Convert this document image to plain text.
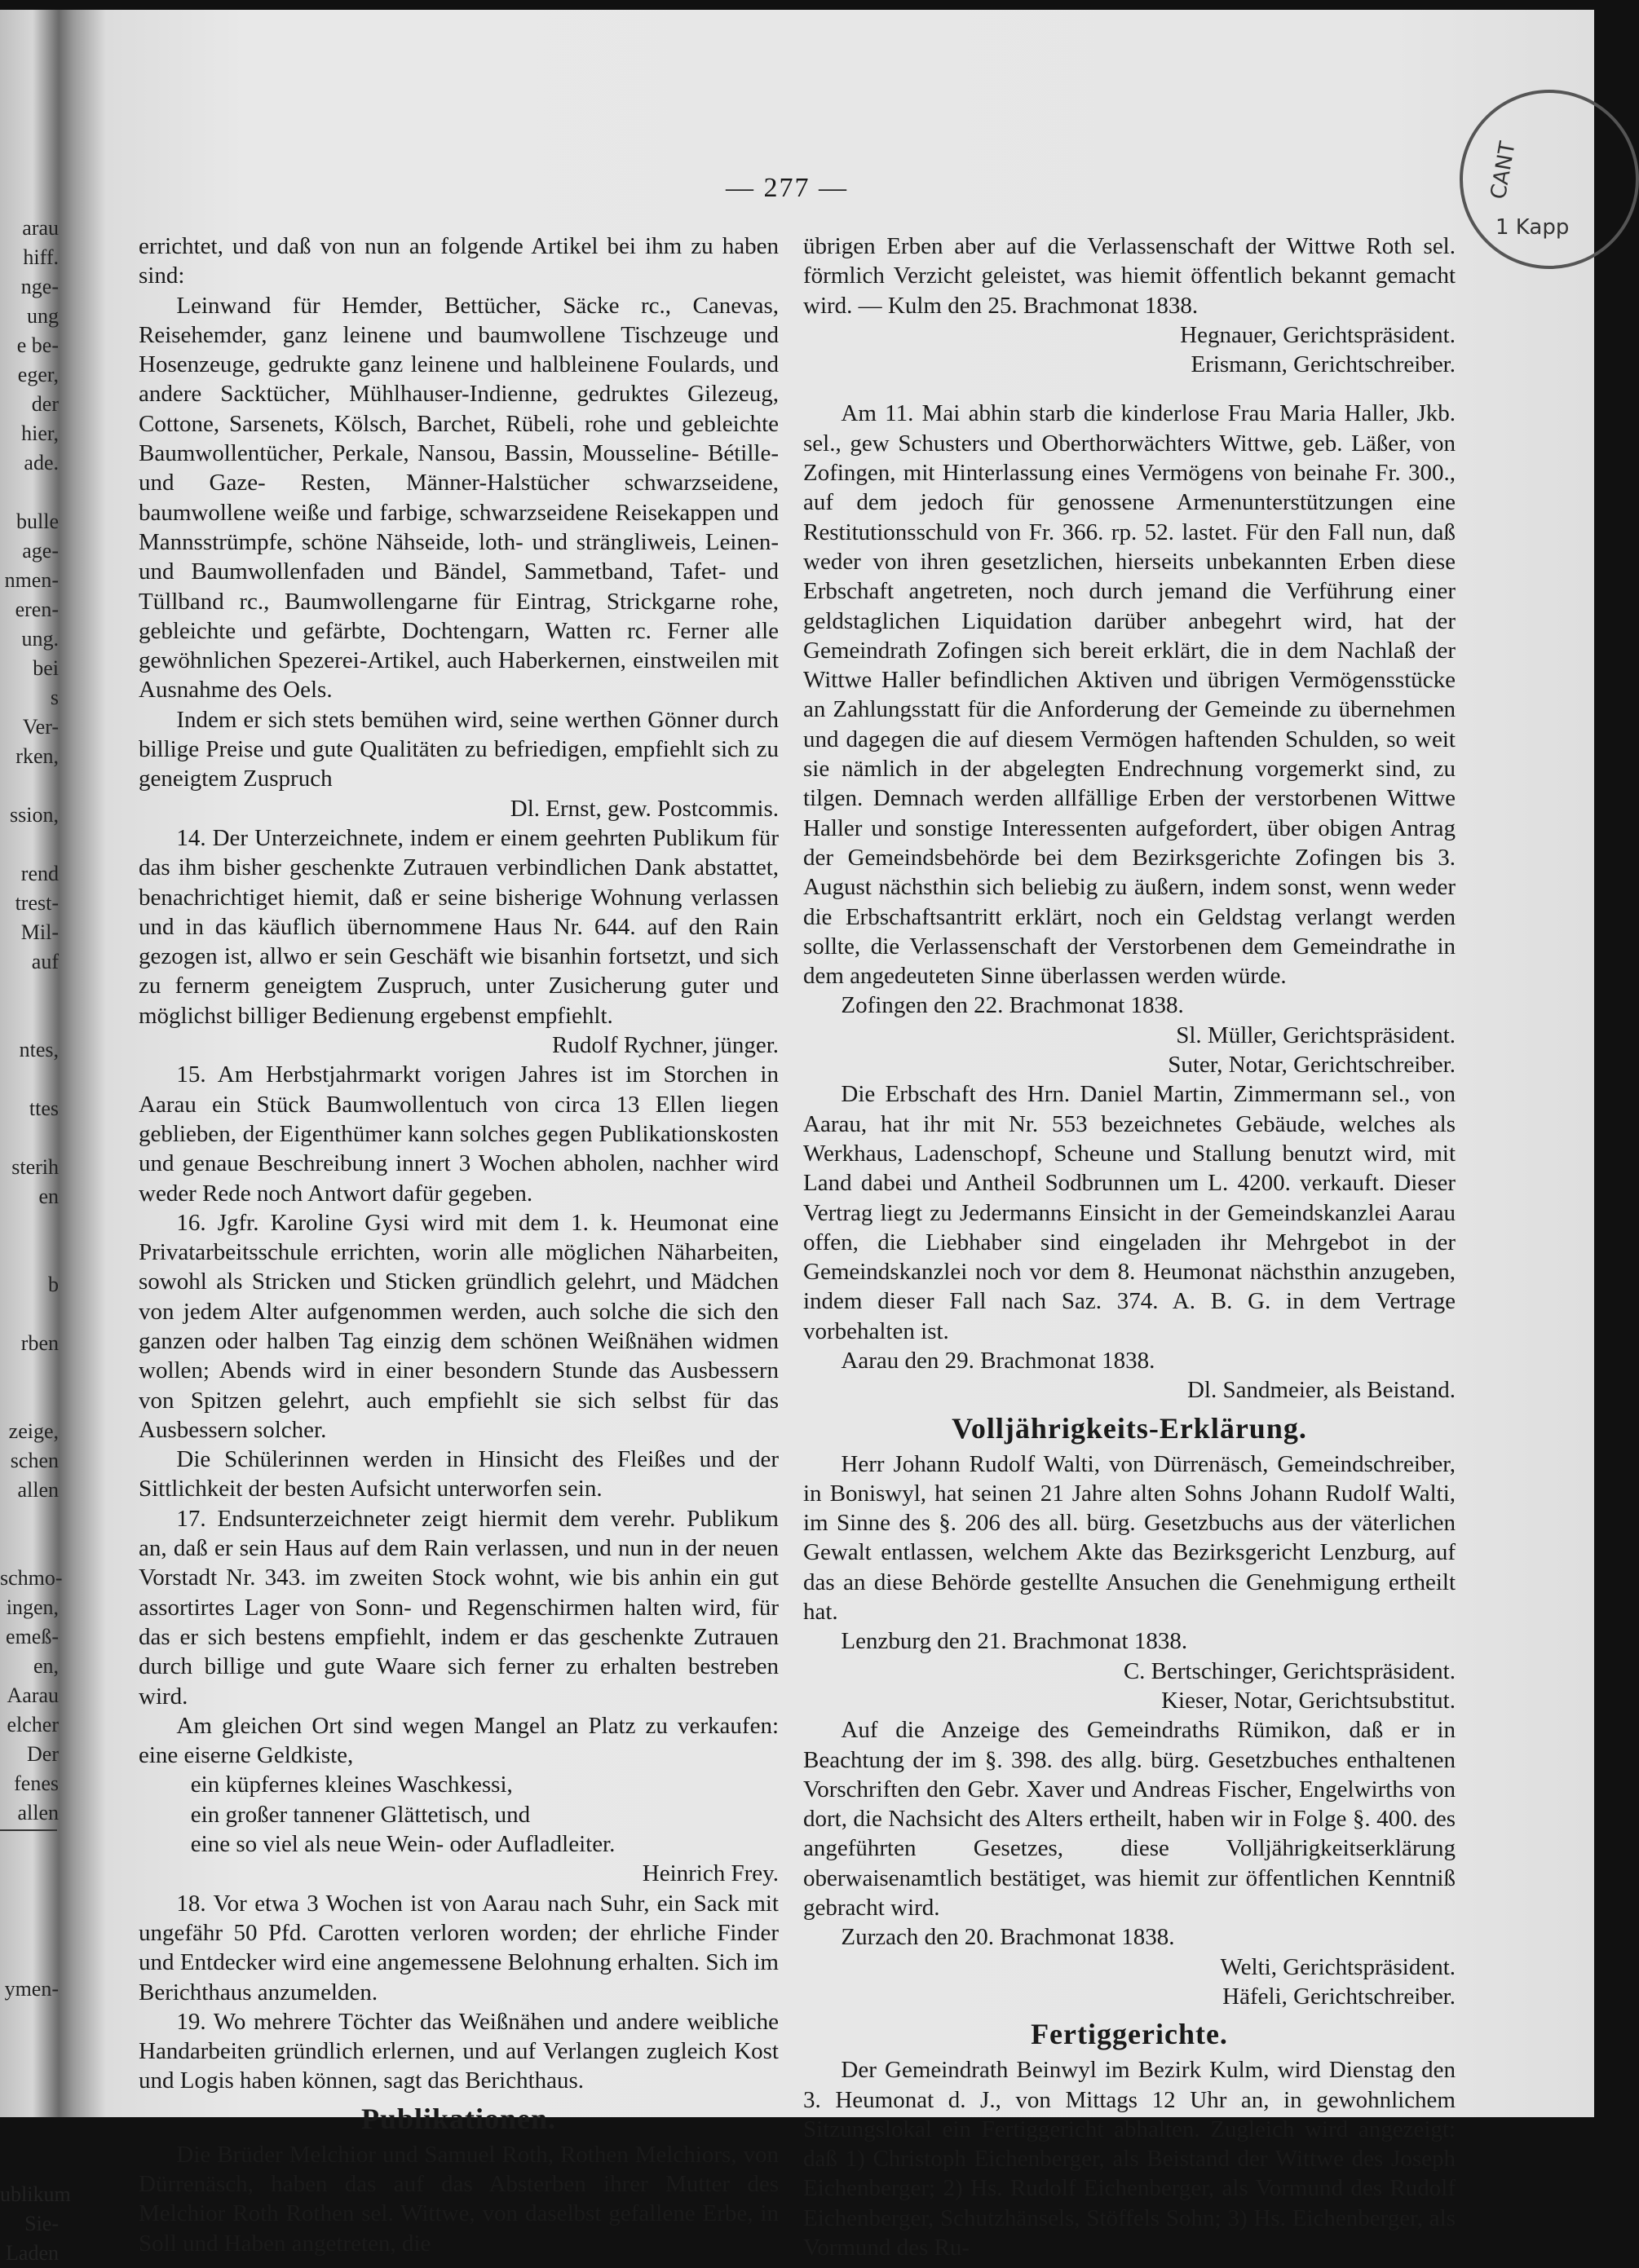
arau
hiff.
nge-
ung
e be-
eger,
der
hier,
ade.

bulle
age-
nmen-
eren-
ung.
bei
s
Ver-
rken,

ssion,

rend
trest-
Mil-
auf

ntes,

ttes

sterih
en

b

rben

zeige,
schen
allen

schmo-
ingen,
emeß-
en,
Aarau
elcher
Der
fenes
allen

ymen-

ublikum
Sie-
Laden
CANT
1 Kapp
— 277 —

errichtet, und daß von nun an folgende Artikel bei ihm zu haben sind:

Leinwand für Hemder, Bettücher, Säcke rc., Canevas, Reisehemder, ganz leinene und baumwollene Tischzeuge und Hosenzeuge, gedrukte ganz leinene und halbleinene Foulards, und andere Sacktücher, Mühlhauser-Indienne, gedruktes Gilezeug, Cottone, Sarsenets, Kölsch, Barchet, Rübeli, rohe und gebleichte Baumwollentücher, Perkale, Nansou, Bassin, Mousseline- Bétille- und Gaze- Resten, Männer-Halstücher schwarzseidene, baumwollene weiße und farbige, schwarzseidene Reisekappen und Mannsstrümpfe, schöne Nähseide, loth- und strängliweis, Leinen- und Baumwollenfaden und Bändel, Sammetband, Tafet- und Tüllband rc., Baumwollengarne für Eintrag, Strickgarne rohe, gebleichte und gefärbte, Dochtengarn, Watten rc. Ferner alle gewöhnlichen Spezerei-Artikel, auch Haberkernen, einstweilen mit Ausnahme des Oels.

Indem er sich stets bemühen wird, seine werthen Gönner durch billige Preise und gute Qualitäten zu befriedigen, empfiehlt sich zu geneigtem Zuspruch

Dl. Ernst, gew. Postcommis.

14. Der Unterzeichnete, indem er einem geehrten Publikum für das ihm bisher geschenkte Zutrauen verbindlichen Dank abstattet, benachrichtiget hiemit, daß er seine bisherige Wohnung verlassen und in das käuflich übernommene Haus Nr. 644. auf den Rain gezogen ist, allwo er sein Geschäft wie bisanhin fortsetzt, und sich zu fernerm geneigtem Zuspruch, unter Zusicherung guter und möglichst billiger Bedienung ergebenst empfiehlt.

Rudolf Rychner, jünger.

15. Am Herbstjahrmarkt vorigen Jahres ist im Storchen in Aarau ein Stück Baumwollentuch von circa 13 Ellen liegen geblieben, der Eigenthümer kann solches gegen Publikationskosten und genaue Beschreibung innert 3 Wochen abholen, nachher wird weder Rede noch Antwort dafür gegeben.

16. Jgfr. Karoline Gysi wird mit dem 1. k. Heumonat eine Privatarbeitsschule errichten, worin alle möglichen Näharbeiten, sowohl als Stricken und Sticken gründlich gelehrt, und Mädchen von jedem Alter aufgenommen werden, auch solche die sich den ganzen oder halben Tag einzig dem schönen Weißnähen widmen wollen; Abends wird in einer besondern Stunde das Ausbessern von Spitzen gelehrt, auch empfiehlt sie sich selbst für das Ausbessern solcher.

Die Schülerinnen werden in Hinsicht des Fleißes und der Sittlichkeit der besten Aufsicht unterworfen sein.

17. Endsunterzeichneter zeigt hiermit dem verehr. Publikum an, daß er sein Haus auf dem Rain verlassen, und nun in der neuen Vorstadt Nr. 343. im zweiten Stock wohnt, wie bis anhin ein gut assortirtes Lager von Sonn- und Regenschirmen halten wird, für das er sich bestens empfiehlt, indem er das geschenkte Zutrauen durch billige und gute Waare sich ferner zu erhalten bestreben wird.

Am gleichen Ort sind wegen Mangel an Platz zu verkaufen: eine eiserne Geldkiste,

ein küpfernes kleines Waschkessi,
ein großer tannener Glättetisch, und
eine so viel als neue Wein- oder Aufladleiter.

Heinrich Frey.

18. Vor etwa 3 Wochen ist von Aarau nach Suhr, ein Sack mit ungefähr 50 Pfd. Carotten verloren worden; der ehrliche Finder und Entdecker wird eine angemessene Belohnung erhalten. Sich im Berichthaus anzumelden.

19. Wo mehrere Töchter das Weißnähen und andere weibliche Handarbeiten gründlich erlernen, und auf Verlangen zugleich Kost und Logis haben können, sagt das Berichthaus.

Publikationen.

Die Brüder Melchior und Samuel Roth, Rothen Melchiors, von Dürrenäsch, haben das auf das Absterben ihrer Mutter des Melchior Roth Rothen sel. Wittwe, von daselbst gefallene Erbe, in Soll und Haben angetreten, die

übrigen Erben aber auf die Verlassenschaft der Wittwe Roth sel. förmlich Verzicht geleistet, was hiemit öffentlich bekannt gemacht wird. — Kulm den 25. Brachmonat 1838.

Hegnauer, Gerichtspräsident.

Erismann, Gerichtschreiber.

Am 11. Mai abhin starb die kinderlose Frau Maria Haller, Jkb. sel., gew Schusters und Oberthorwächters Wittwe, geb. Läßer, von Zofingen, mit Hinterlassung eines Vermögens von beinahe Fr. 300., auf dem jedoch für genossene Armenunterstützungen eine Restitutionsschuld von Fr. 366. rp. 52. lastet. Für den Fall nun, daß weder von ihren gesetzlichen, hierseits unbekannten Erben diese Erbschaft angetreten, noch durch jemand die Verführung einer geldstaglichen Liquidation darüber anbegehrt wird, hat der Gemeindrath Zofingen sich bereit erklärt, die in dem Nachlaß der Wittwe Haller befindlichen Aktiven und übrigen Vermögensstücke an Zahlungsstatt für die Anforderung der Gemeinde zu übernehmen und dagegen die auf diesem Vermögen haftenden Schulden, so weit sie nämlich in der abgelegten Endrechnung vorgemerkt sind, zu tilgen. Demnach werden allfällige Erben der verstorbenen Wittwe Haller und sonstige Interessenten aufgefordert, über obigen Antrag der Gemeindsbehörde bei dem Bezirksgerichte Zofingen bis 3. August nächsthin sich beliebig zu äußern, indem sonst, wenn weder die Erbschaftsantritt erklärt, noch ein Geldstag verlangt werden sollte, die Verlassenschaft der Verstorbenen dem Gemeindrathe in dem angedeuteten Sinne überlassen werden würde.

Zofingen den 22. Brachmonat 1838.

Sl. Müller, Gerichtspräsident.

Suter, Notar, Gerichtschreiber.

Die Erbschaft des Hrn. Daniel Martin, Zimmermann sel., von Aarau, hat ihr mit Nr. 553 bezeichnetes Gebäude, welches als Werkhaus, Ladenschopf, Scheune und Stallung benutzt wird, mit Land dabei und Antheil Sodbrunnen um L. 4200. verkauft. Dieser Vertrag liegt zu Jedermanns Einsicht in der Gemeindskanzlei Aarau offen, die Liebhaber sind eingeladen ihr Mehrgebot in der Gemeindskanzlei noch vor dem 8. Heumonat nächsthin anzugeben, indem dieser Fall nach Saz. 374. A. B. G. in dem Vertrage vorbehalten ist.

Aarau den 29. Brachmonat 1838.

Dl. Sandmeier, als Beistand.

Volljährigkeits-Erklärung.

Herr Johann Rudolf Walti, von Dürrenäsch, Gemeindschreiber, in Boniswyl, hat seinen 21 Jahre alten Sohns Johann Rudolf Walti, im Sinne des §. 206 des all. bürg. Gesetzbuchs aus der väterlichen Gewalt entlassen, welchem Akte das Bezirksgericht Lenzburg, auf das an diese Behörde gestellte Ansuchen die Genehmigung ertheilt hat.

Lenzburg den 21. Brachmonat 1838.

C. Bertschinger, Gerichtspräsident.

Kieser, Notar, Gerichtsubstitut.

Auf die Anzeige des Gemeindraths Rümikon, daß er in Beachtung der im §. 398. des allg. bürg. Gesetzbuches enthaltenen Vorschriften den Gebr. Xaver und Andreas Fischer, Engelwirths von dort, die Nachsicht des Alters ertheilt, haben wir in Folge §. 400. des angeführten Gesetzes, diese Volljährigkeitserklärung oberwaisenamtlich bestätiget, was hiemit zur öffentlichen Kenntniß gebracht wird.

Zurzach den 20. Brachmonat 1838.

Welti, Gerichtspräsident.

Häfeli, Gerichtschreiber.

Fertiggerichte.

Der Gemeindrath Beinwyl im Bezirk Kulm, wird Dienstag den 3. Heumonat d. J., von Mittags 12 Uhr an, in gewohnlichem Sitzungslokal ein Fertiggericht abhalten. Zugleich wird angezeigt: daß 1) Christoph Eichenberger, als Beistand der Wittwe des Joseph Eichenberger; 2) Hs. Rudolf Eichenberger, als Vormund des Rudolf Eichenberger, Schutzhänsels, Stöffels Sohn; 3) Hs. Eichenberger, als Vormund des Ru-
